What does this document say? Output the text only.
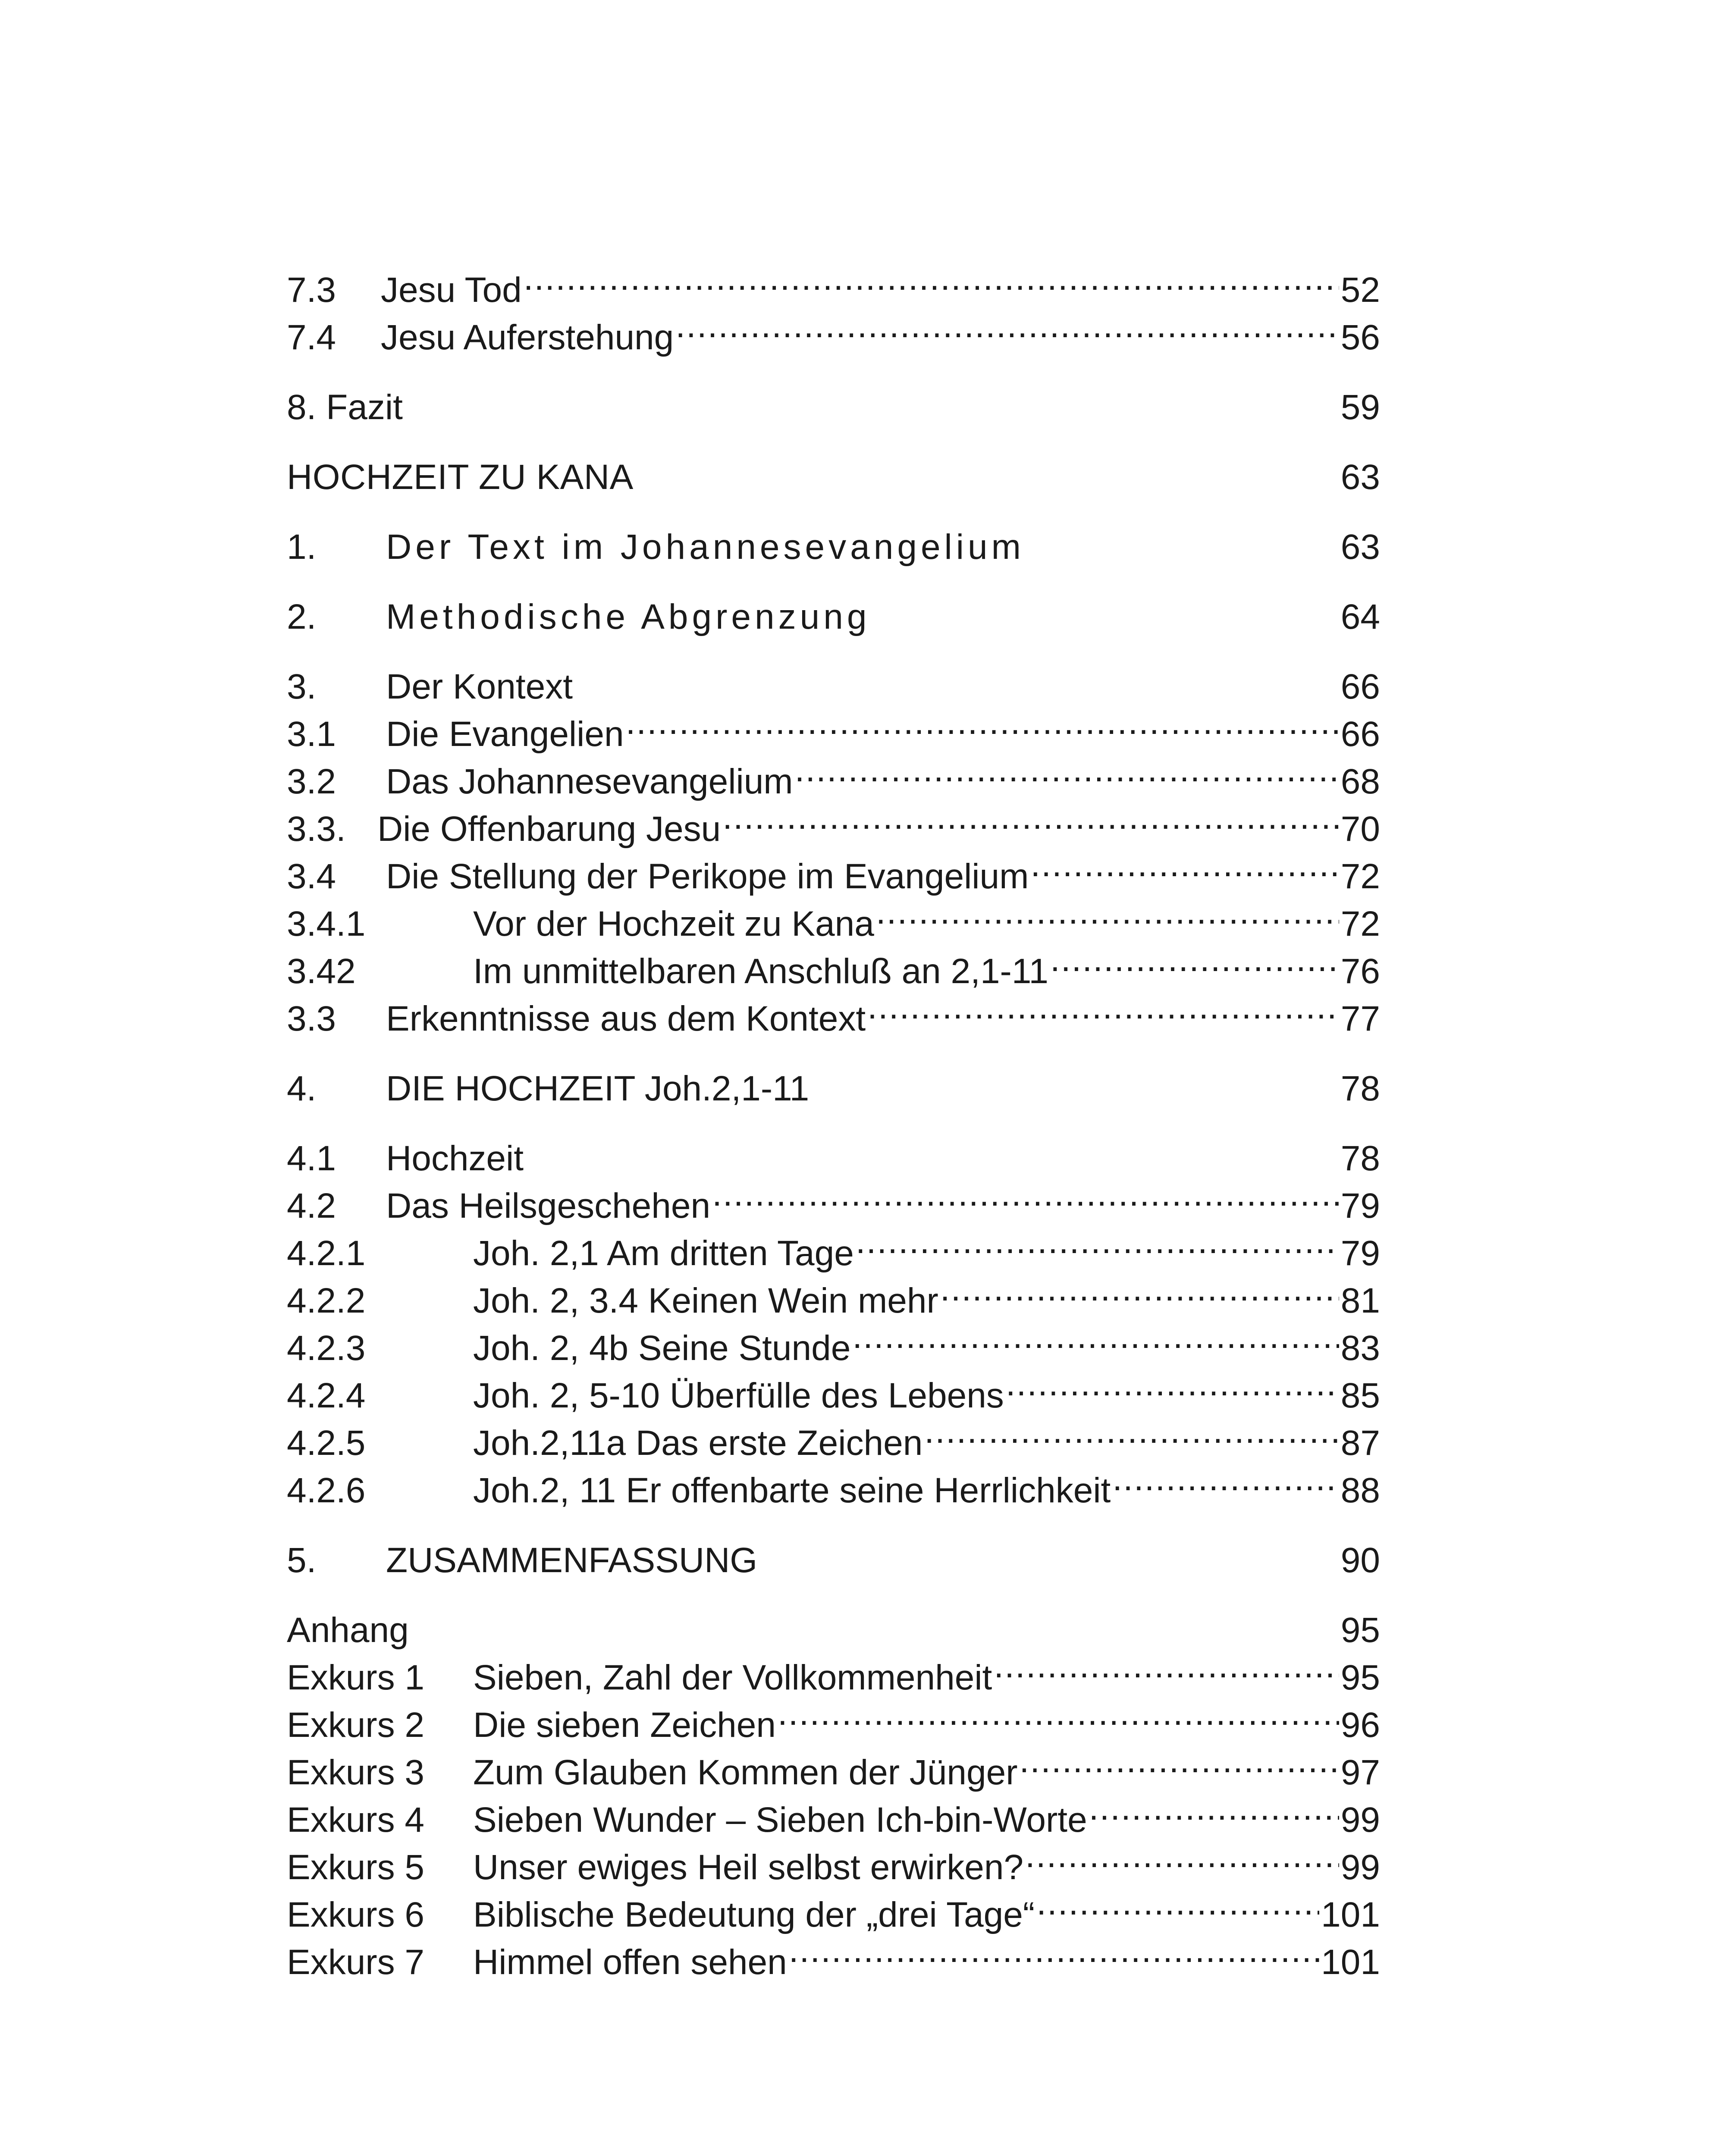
7.3	Jesu Tod .....	52
7.4	Jesu Auferstehung .....	56
8. Fazit	59
HOCHZEIT ZU KANA	63
1.	Der Text im Johannesevangelium	63
2.	Methodische Abgrenzung	64
3.	Der Kontext	66
3.1	Die Evangelien .....	66
3.2	Das Johannesevangelium .....	68
3.3. Die Offenbarung Jesu .....	70
3.4	Die Stellung der Perikope im Evangelium .....	72
3.4.1	Vor der Hochzeit zu Kana .....	72
3.42	Im unmittelbaren Anschluß an 2,1-11 .....	76
3.3	Erkenntnisse aus dem Kontext .....	77
4.	DIE HOCHZEIT Joh.2,1-11	78
4.1	Hochzeit	78
4.2	Das Heilsgeschehen .....	79
4.2.1	Joh. 2,1 Am dritten Tage .....	79
4.2.2	Joh. 2, 3.4 Keinen Wein mehr .....	81
4.2.3	Joh. 2, 4b Seine Stunde .....	83
4.2.4	Joh. 2, 5-10 Überfülle des Lebens .....	85
4.2.5	Joh.2,11a Das erste Zeichen .....	87
4.2.6	Joh.2, 11 Er offenbarte seine Herrlichkeit .....	88
5.	ZUSAMMENFASSUNG	90
Anhang	95
Exkurs 1	Sieben, Zahl der Vollkommenheit .....	95
Exkurs 2	Die sieben Zeichen .....	96
Exkurs 3	Zum Glauben Kommen der Jünger .....	97
Exkurs 4	Sieben Wunder – Sieben Ich-bin-Worte .....	99
Exkurs 5	Unser ewiges Heil selbst erwirken? .....	99
Exkurs 6	Biblische Bedeutung der „drei Tage“ .....	101
Exkurs 7	Himmel offen sehen .....	101
